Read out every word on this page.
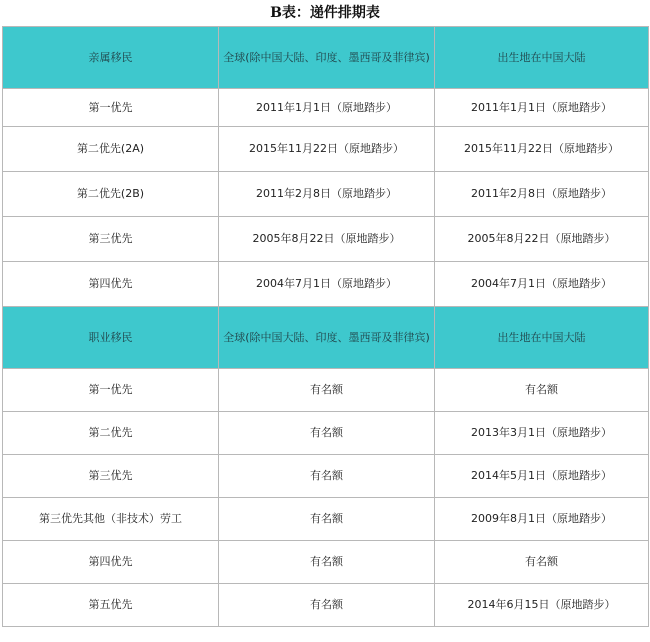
B表：递件排期表
亲属移民	全球(除中国大陆、印度、墨西哥及菲律宾)	出生地在中国大陆
第一优先	2011年1月1日（原地踏步）	2011年1月1日（原地踏步）
第二优先(2A)	2015年11月22日（原地踏步）	2015年11月22日（原地踏步）
第二优先(2B)	2011年2月8日（原地踏步）	2011年2月8日（原地踏步）
第三优先	2005年8月22日（原地踏步）	2005年8月22日（原地踏步）
第四优先	2004年7月1日（原地踏步）	2004年7月1日（原地踏步）
职业移民	全球(除中国大陆、印度、墨西哥及菲律宾)	出生地在中国大陆
第一优先	有名额	有名额
第二优先	有名额	2013年3月1日（原地踏步）
第三优先	有名额	2014年5月1日（原地踏步）
第三优先其他（非技术）劳工	有名额	2009年8月1日（原地踏步）
第四优先	有名额	有名额
第五优先	有名额	2014年6月15日（原地踏步）
